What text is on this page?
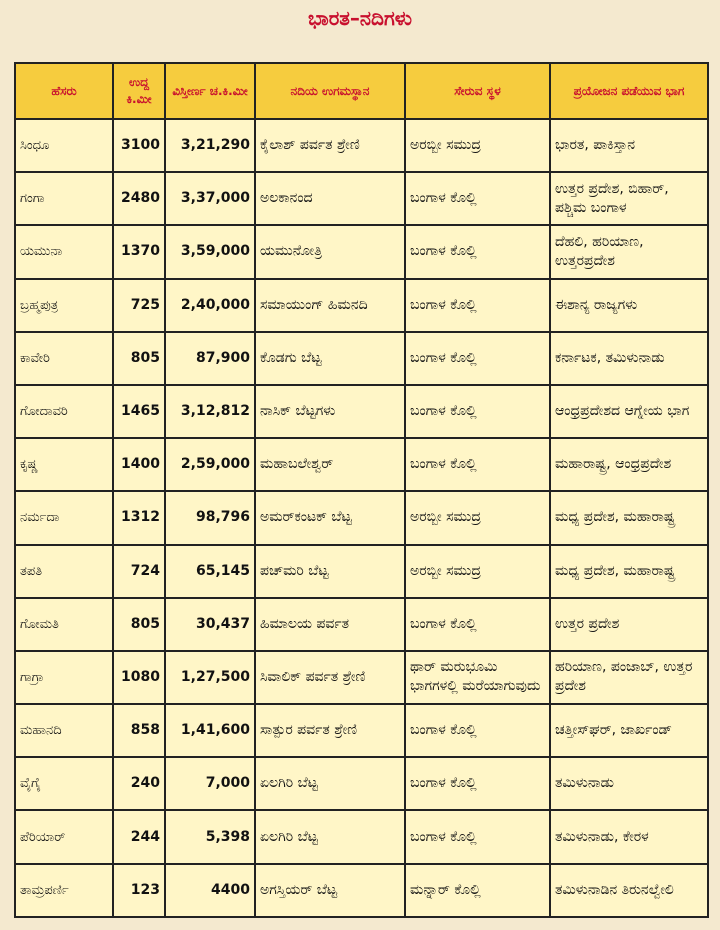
ಭಾರತ–ನದಿಗಳು
ಹೆಸರು	ಉದ್ದ ಕಿ.ಮೀ	ವಿಸ್ತೀರ್ಣ ಚ.ಕಿ.ಮೀ	ನದಿಯ ಉಗಮಸ್ಥಾನ	ಸೇರುವ ಸ್ಥಳ	ಪ್ರಯೋಜನ ಪಡೆಯುವ ಭಾಗ
ಸಿಂಧೂ	3100	3,21,290	ಕೈಲಾಶ್ ಪರ್ವತ ಶ್ರೇಣಿ	ಅರಬ್ಬೀ ಸಮುದ್ರ	ಭಾರತ, ಪಾಕಿಸ್ತಾನ
ಗಂಗಾ	2480	3,37,000	ಅಲಕಾನಂದ	ಬಂಗಾಳ ಕೊಲ್ಲಿ	ಉತ್ತರ ಪ್ರದೇಶ, ಬಿಹಾರ್, ಪಶ್ಚಿಮ ಬಂಗಾಳ
ಯಮುನಾ	1370	3,59,000	ಯಮುನೋತ್ರಿ	ಬಂಗಾಳ ಕೊಲ್ಲಿ	ದೆಹಲಿ, ಹರಿಯಾಣ, ಉತ್ತರಪ್ರದೇಶ
ಬ್ರಹ್ಮಪುತ್ರ	725	2,40,000	ಸಮಾಯುಂಗ್ ಹಿಮನದಿ	ಬಂಗಾಳ ಕೊಲ್ಲಿ	ಈಶಾನ್ಯ ರಾಜ್ಯಗಳು
ಕಾವೇರಿ	805	87,900	ಕೊಡಗು ಬೆಟ್ಟ	ಬಂಗಾಳ ಕೊಲ್ಲಿ	ಕರ್ನಾಟಕ, ತಮಿಳುನಾಡು
ಗೋದಾವರಿ	1465	3,12,812	ನಾಸಿಕ್ ಬೆಟ್ಟಗಳು	ಬಂಗಾಳ ಕೊಲ್ಲಿ	ಆಂಧ್ರಪ್ರದೇಶದ ಆಗ್ನೇಯ ಭಾಗ
ಕೃಷ್ಣ	1400	2,59,000	ಮಹಾಬಲೇಶ್ವರ್	ಬಂಗಾಳ ಕೊಲ್ಲಿ	ಮಹಾರಾಷ್ಟ್ರ, ಆಂಧ್ರಪ್ರದೇಶ
ನರ್ಮದಾ	1312	98,796	ಅಮರ್‌ಕಂಟಕ್ ಬೆಟ್ಟ	ಅರಬ್ಬೀ ಸಮುದ್ರ	ಮಧ್ಯ ಪ್ರದೇಶ, ಮಹಾರಾಷ್ಟ್ರ
ತಪತಿ	724	65,145	ಪಚ್‌ಮರಿ ಬೆಟ್ಟ	ಅರಬ್ಬೀ ಸಮುದ್ರ	ಮಧ್ಯ ಪ್ರದೇಶ, ಮಹಾರಾಷ್ಟ್ರ
ಗೋಮತಿ	805	30,437	ಹಿಮಾಲಯ ಪರ್ವತ	ಬಂಗಾಳ ಕೊಲ್ಲಿ	ಉತ್ತರ ಪ್ರದೇಶ
ಗಾಗ್ರಾ	1080	1,27,500	ಸಿವಾಲಿಕ್ ಪರ್ವತ ಶ್ರೇಣಿ	ಥಾರ್ ಮರುಭೂಮಿ ಭಾಗಗಳಲ್ಲಿ ಮರೆಯಾಗುವುದು	ಹರಿಯಾಣ, ಪಂಜಾಬ್, ಉತ್ತರ ಪ್ರದೇಶ
ಮಹಾನದಿ	858	1,41,600	ಸಾತ್ಪುರ ಪರ್ವತ ಶ್ರೇಣಿ	ಬಂಗಾಳ ಕೊಲ್ಲಿ	ಚತ್ತೀಸ್‌ಘರ್, ಜಾರ್ಖಂಡ್
ವೈಗೈ	240	7,000	ಏಲಗಿರಿ ಬೆಟ್ಟ	ಬಂಗಾಳ ಕೊಲ್ಲಿ	ತಮಿಳುನಾಡು
ಪೆರಿಯಾರ್	244	5,398	ಏಲಗಿರಿ ಬೆಟ್ಟ	ಬಂಗಾಳ ಕೊಲ್ಲಿ	ತಮಿಳುನಾಡು, ಕೇರಳ
ತಾಮ್ರಪರ್ಣಿ	123	4400	ಅಗಸ್ತಿಯರ್ ಬೆಟ್ಟ	ಮನ್ನಾರ್ ಕೊಲ್ಲಿ	ತಮಿಳುನಾಡಿನ ತಿರುನಲ್ವೇಲಿ
